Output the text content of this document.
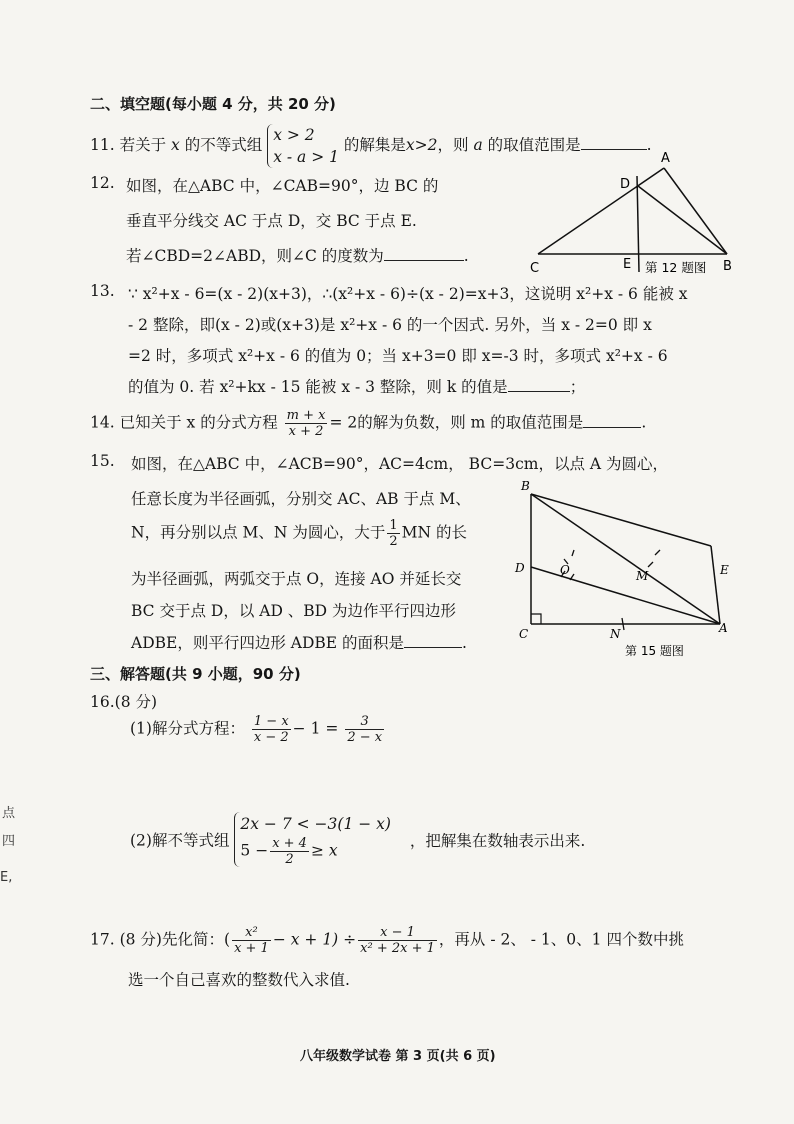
二、填空题(每小题 4 分，共 20 分)
11. 若关于 x 的不等式组
x > 2
x - a > 1
的解集是x>2，则 a 的取值范围是	.
12. 如图，在△ABC 中，∠CAB=90°，边 BC 的
垂直平分线交 AC 于点 D，交 BC 于点 E.
若∠CBD=2∠ABD，则∠C 的度数为	.
A
D
C	E	B
第 12 题图
13. ∵ x²+x - 6=(x - 2)(x+3)，∴(x²+x - 6)÷(x - 2)=x+3，这说明 x²+x - 6 能被 x
- 2 整除，即(x - 2)或(x+3)是 x²+x - 6 的一个因式. 另外，当 x - 2=0 即 x
=2 时，多项式 x²+x - 6 的值为 0；当 x+3=0 即 x=-3 时，多项式 x²+x - 6
的值为 0. 若 x²+kx - 15 能被 x - 3 整除，则 k 的值是	；
14. 已知关于 x 的分式方程 $\frac{m + x}{x + 2} = 2$的解为负数，则 m 的取值范围是	.
15. 如图，在△ABC 中，∠ACB=90°，AC=4cm， BC=3cm，以点 A 为圆心，
任意长度为半径画弧，分别交 AC、AB 于点 M、
N，再分别以点 M、N 为圆心，大于 $\frac{1}{2}$ MN 的长
为半径画弧，两弧交于点 O，连接 AO 并延长交
BC 交于点 D，以 AD 、BD 为边作平行四边形
ADBE，则平行四边形 ADBE 的面积是	.
B
D	O	M	E
C	N	A
第 15 题图
三、解答题(共 9 小题，90 分)
16.(8 分)
(1)解分式方程： $\frac{1 - x}{x - 2} - 1 = \frac{3}{2 - x}$
(2)解不等式组
2x − 7 < −3(1 − x)
$5 - \frac{x + 4}{2} \ge x$
，把解集在数轴表示出来.
17. (8 分)先化简：( $\frac{\text{x²}}{x + 1} - x + 1) \div \frac{x - 1}{\text{x² + 2x + 1}}$ ，再从 - 2、 - 1、0、1 四个数中挑
选一个自己喜欢的整数代入求值.
八年级数学试卷 第 3 页(共 6 页)
点
四
E,
